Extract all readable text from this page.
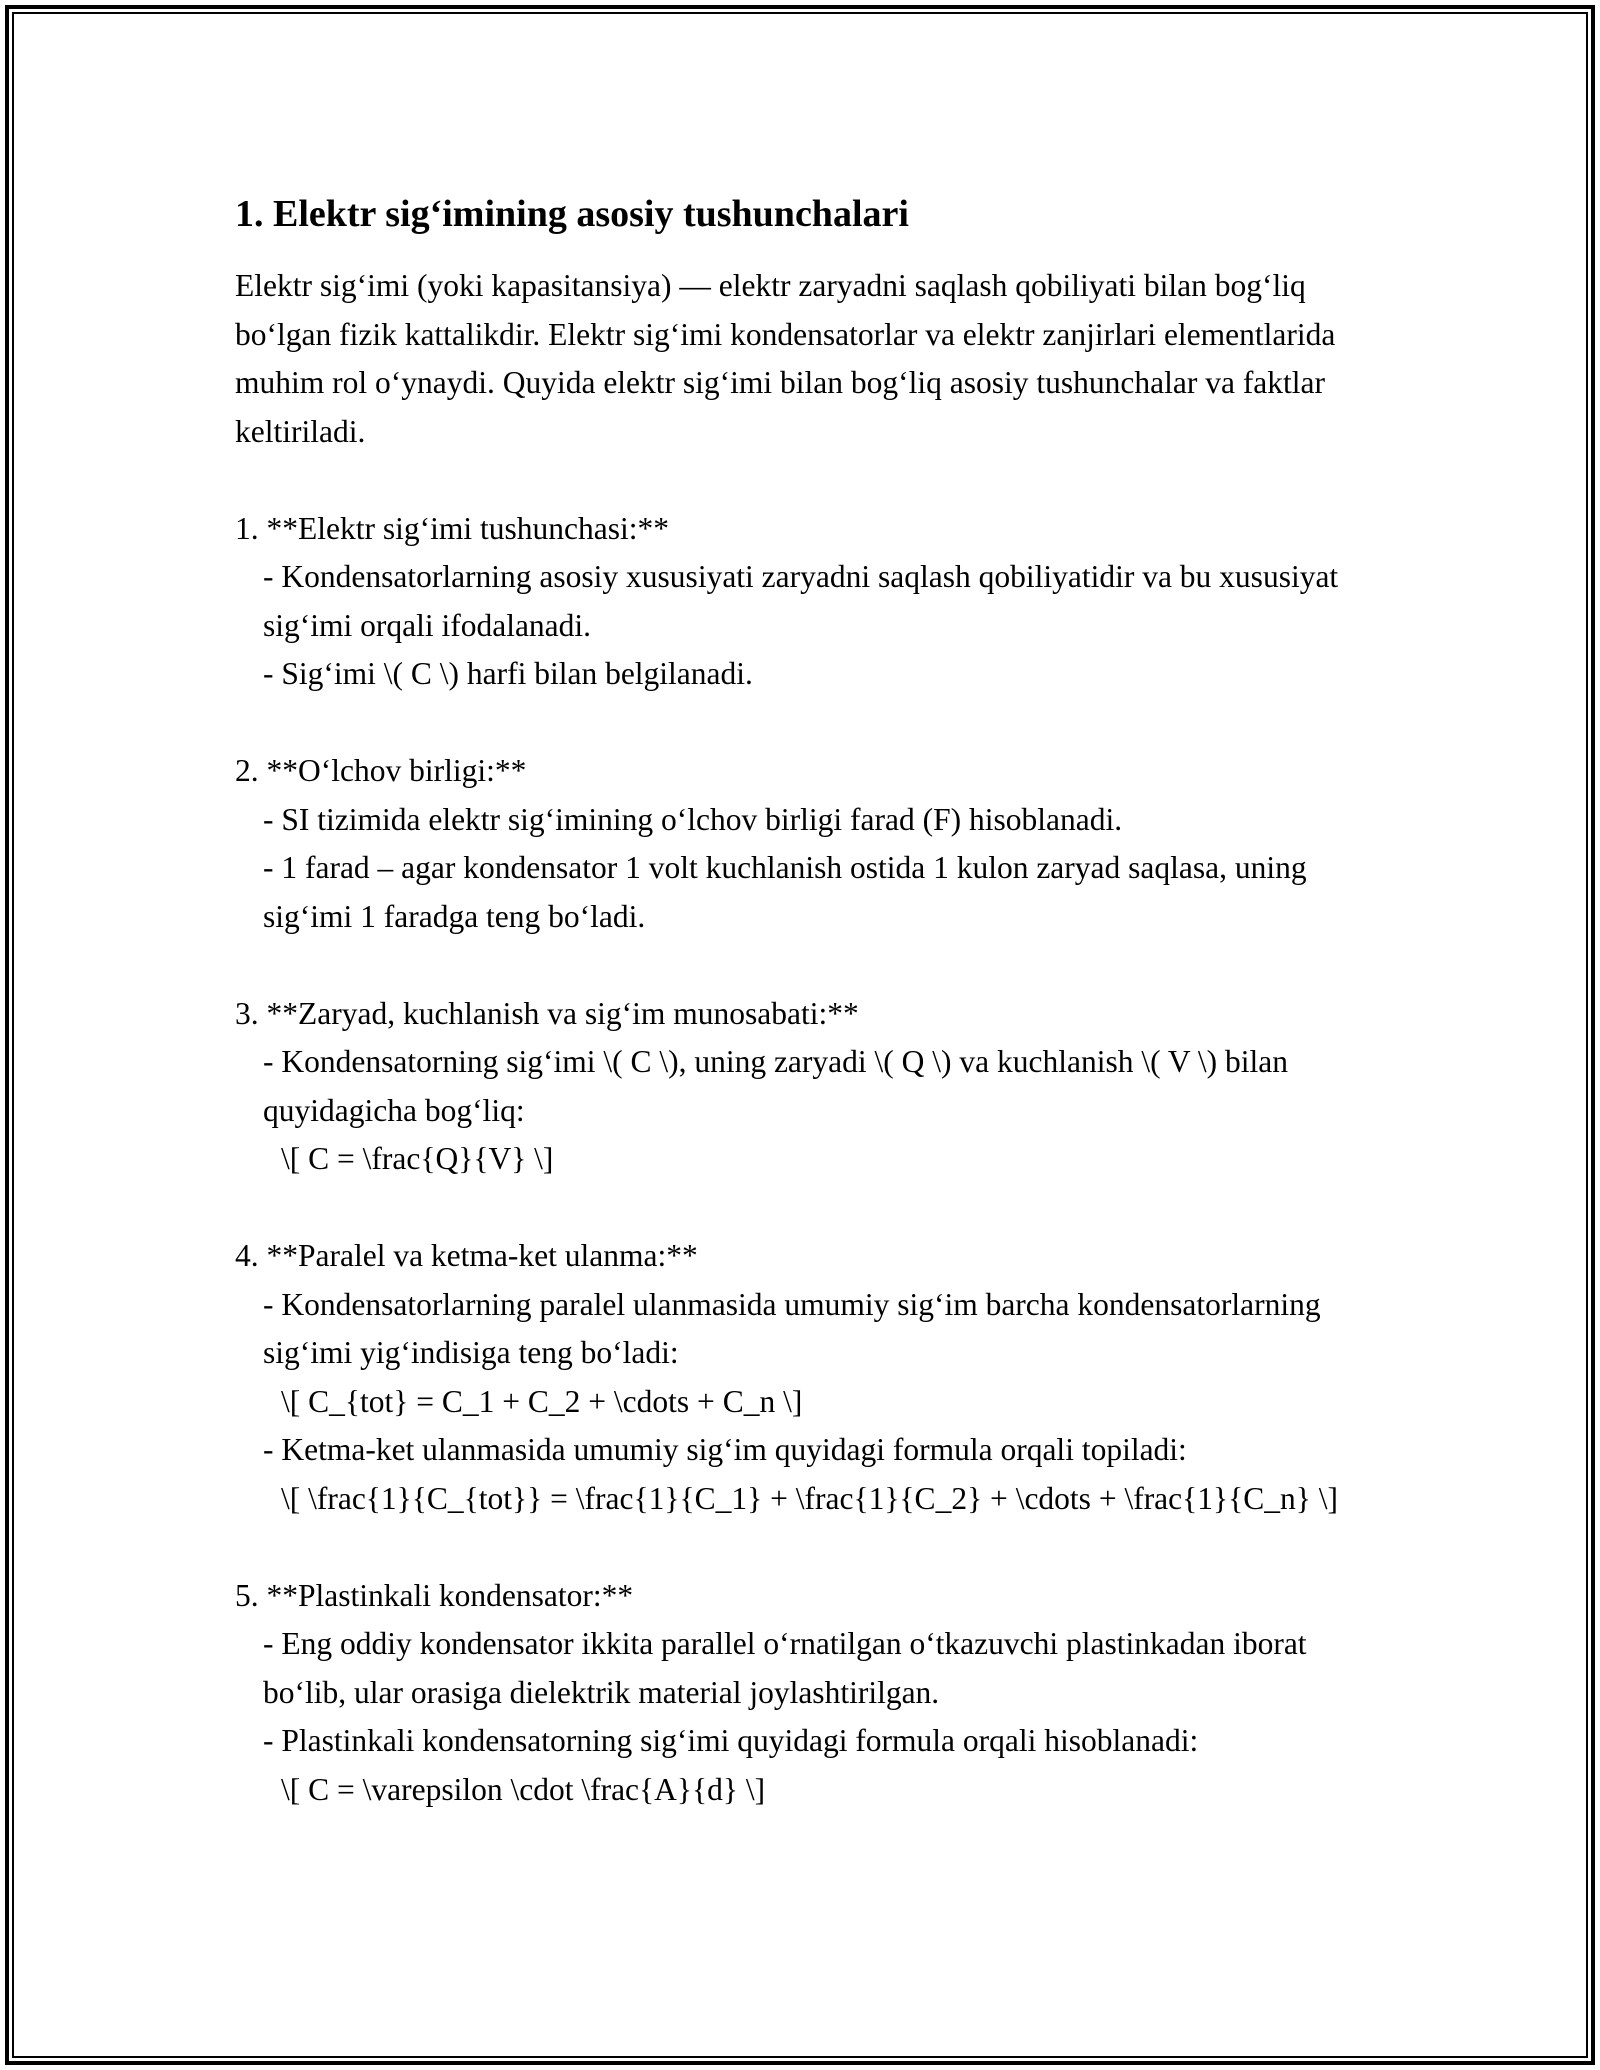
1. Elektr sig‘imining asosiy tushunchalari

Elektr sig‘imi (yoki kapasitansiya) — elektr zaryadni saqlash qobiliyati bilan bog‘liq bo‘lgan fizik kattalikdir. Elektr sig‘imi kondensatorlar va elektr zanjirlari elementlarida muhim rol o‘ynaydi. Quyida elektr sig‘imi bilan bog‘liq asosiy tushunchalar va faktlar keltiriladi.

1. **Elektr sig‘imi tushunchasi:**

- Kondensatorlarning asosiy xususiyati zaryadni saqlash qobiliyatidir va bu xususiyat sig‘imi orqali ifodalanadi.

- Sig‘imi \( C \) harfi bilan belgilanadi.

2. **O‘lchov birligi:**

- SI tizimida elektr sig‘imining o‘lchov birligi farad (F) hisoblanadi.

- 1 farad – agar kondensator 1 volt kuchlanish ostida 1 kulon zaryad saqlasa, uning sig‘imi 1 faradga teng bo‘ladi.

3. **Zaryad, kuchlanish va sig‘im munosabati:**

- Kondensatorning sig‘imi \( C \), uning zaryadi \( Q \) va kuchlanish \( V \) bilan quyidagicha bog‘liq:

\[ C = \frac{Q}{V} \]

4. **Paralel va ketma-ket ulanma:**

- Kondensatorlarning paralel ulanmasida umumiy sig‘im barcha kondensatorlarning sig‘imi yig‘indisiga teng bo‘ladi:

\[ C_{tot} = C_1 + C_2 + \cdots + C_n \]

- Ketma-ket ulanmasida umumiy sig‘im quyidagi formula orqali topiladi:

\[ \frac{1}{C_{tot}} = \frac{1}{C_1} + \frac{1}{C_2} + \cdots + \frac{1}{C_n} \]

5. **Plastinkali kondensator:**

- Eng oddiy kondensator ikkita parallel o‘rnatilgan o‘tkazuvchi plastinkadan iborat bo‘lib, ular orasiga dielektrik material joylashtirilgan.

- Plastinkali kondensatorning sig‘imi quyidagi formula orqali hisoblanadi:

\[ C = \varepsilon \cdot \frac{A}{d} \]
